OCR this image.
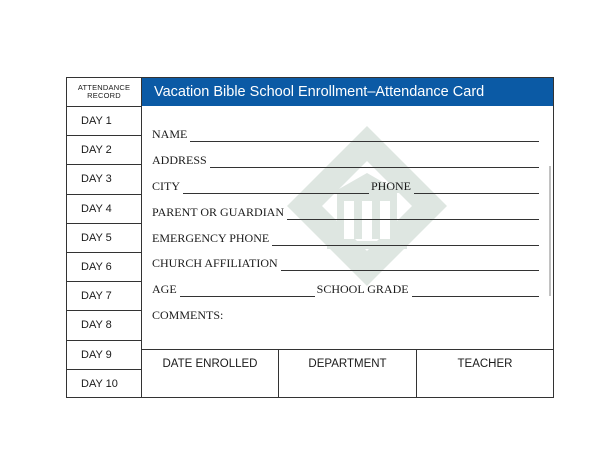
ATTENDANCE
RECORD
DAY 1
DAY 2
DAY 3
DAY 4
DAY 5
DAY 6
DAY 7
DAY 8
DAY 9
DAY 10
Vacation Bible School Enrollment–Attendance Card
NAME
ADDRESS
CITY	PHONE
PARENT OR GUARDIAN
EMERGENCY PHONE
CHURCH AFFILIATION
AGE	SCHOOL GRADE
COMMENTS:
DATE ENROLLED	DEPARTMENT	TEACHER
